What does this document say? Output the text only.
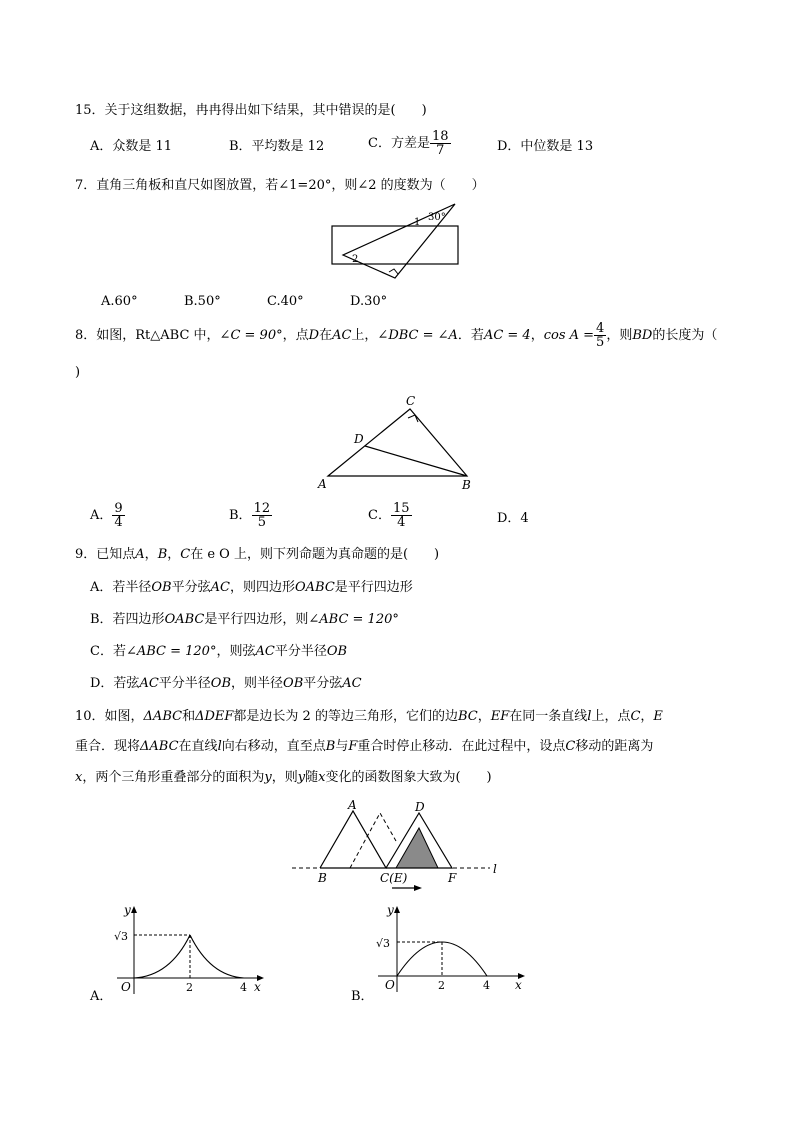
15．关于这组数据，冉冉得出如下结果，其中错误的是(　　)
A．众数是 11	B．平均数是 12	C．方差是 $\frac{18}{7}$	D．中位数是 13
7．直角三角板和直尺如图放置，若∠1=20°，则∠2 的度数为（　　）
1 30°
2
A.60°	B.50°	C.40°	D.30°
8．如图，Rt△ABC 中，∠C = 90°，点D在AC上，∠DBC = ∠A．若AC = 4，$\cos A = \frac{4}{5}$ ，则BD的长度为（
)
A	B
C
D
A． $\frac{9}{4}$	B． $\frac{12}{5}$	C． $\frac{15}{4}$	D．4
9．已知点A，B，C在 e O 上，则下列命题为真命题的是(　　)
A．若半径OB平分弦AC，则四边形OABC是平行四边形
B．若四边形OABC是平行四边形，则∠ABC = 120°
C．若∠ABC = 120°，则弦AC平分半径OB
D．若弦AC平分半径OB，则半径OB平分弦AC
10．如图，ΔABC和ΔDEF都是边长为 2 的等边三角形，它们的边BC，EF在同一条直线l上，点C，E
重合．现将ΔABC在直线l向右移动，直至点B与F重合时停止移动．在此过程中，设点C移动的距离为
x，两个三角形重叠部分的面积为y，则y随x变化的函数图象大致为(　　)
A	D
B	C(E)	F
l
A．
y
x
O
√3
2	4
B．
y
x
O
√3
2	4
